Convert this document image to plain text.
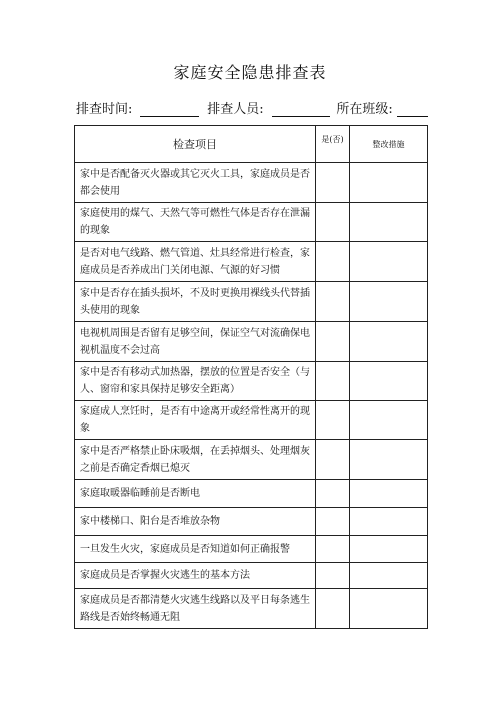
家庭安全隐患排查表
排查时间:	排查人员:	所在班级:
检查项目	是(否)	整改措施
家中是否配备灭火器或其它灭火工具，家庭成员是否都会使用		
家庭使用的煤气、天然气等可燃性气体是否存在泄漏的现象		
是否对电气线路、燃气管道、灶具经常进行检查，家庭成员是否养成出门关闭电源、气源的好习惯		
家中是否存在插头损坏，不及时更换用裸线头代替插头使用的现象		
电视机周围是否留有足够空间，保证空气对流确保电视机温度不会过高		
家中是否有移动式加热器，摆放的位置是否安全（与人、窗帘和家具保持足够安全距离）		
家庭成人烹饪时，是否有中途离开或经常性离开的现象		
家中是否严格禁止卧床吸烟，在丢掉烟头、处理烟灰之前是否确定香烟已熄灭		
家庭取暖器临睡前是否断电		
家中楼梯口、阳台是否堆放杂物		
一旦发生火灾，家庭成员是否知道如何正确报警		
家庭成员是否掌握火灾逃生的基本方法		
家庭成员是否都清楚火灾逃生线路以及平日每条逃生路线是否始终畅通无阻		
